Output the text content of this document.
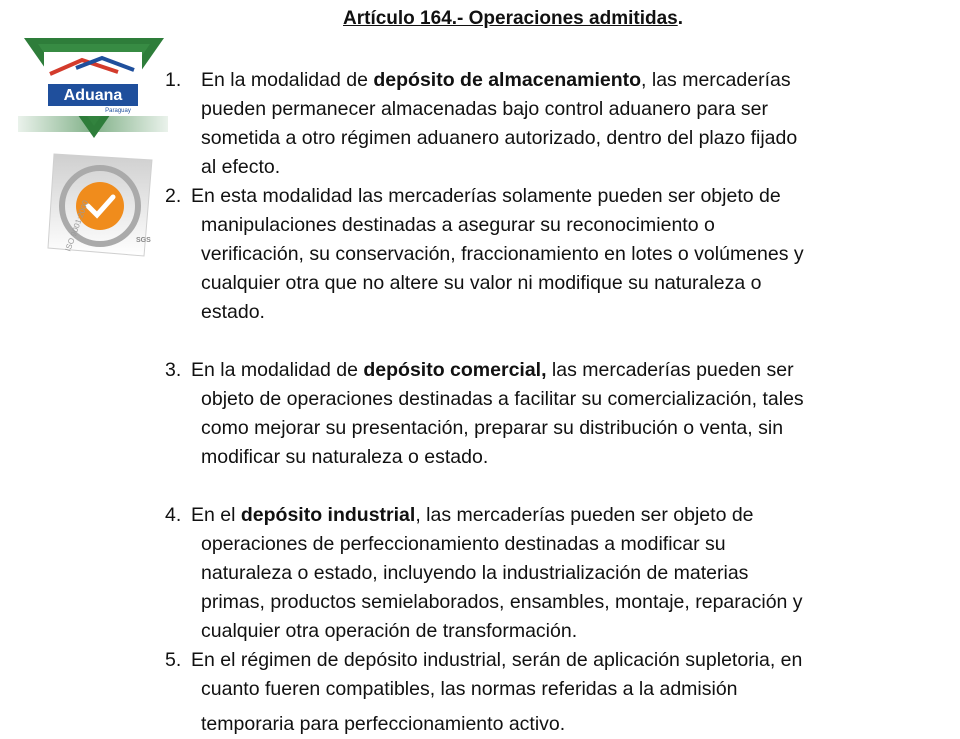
Artículo 164.- Operaciones admitidas.
Aduana
Paraguay
ISO 9001:2000	SGS
1.	En la modalidad de depósito de almacenamiento, las mercaderías
pueden permanecer almacenadas bajo control aduanero para ser
sometida a otro régimen aduanero autorizado, dentro del plazo fijado
al efecto.
2. En esta modalidad las mercaderías solamente pueden ser objeto de
manipulaciones destinadas a asegurar su reconocimiento o
verificación, su conservación, fraccionamiento en lotes o volúmenes y
cualquier otra que no altere su valor ni modifique su naturaleza o
estado.
3. En la modalidad de depósito comercial, las mercaderías pueden ser
objeto de operaciones destinadas a facilitar su comercialización, tales
como mejorar su presentación, preparar su distribución o venta, sin
modificar su naturaleza o estado.
4. En el depósito industrial, las mercaderías pueden ser objeto de
operaciones de perfeccionamiento destinadas a modificar su
naturaleza o estado, incluyendo la industrialización de materias
primas, productos semielaborados, ensambles, montaje, reparación y
cualquier otra operación de transformación.
5. En el régimen de depósito industrial, serán de aplicación supletoria, en
cuanto fueren compatibles, las normas referidas a la admisión
temporaria para perfeccionamiento activo.
